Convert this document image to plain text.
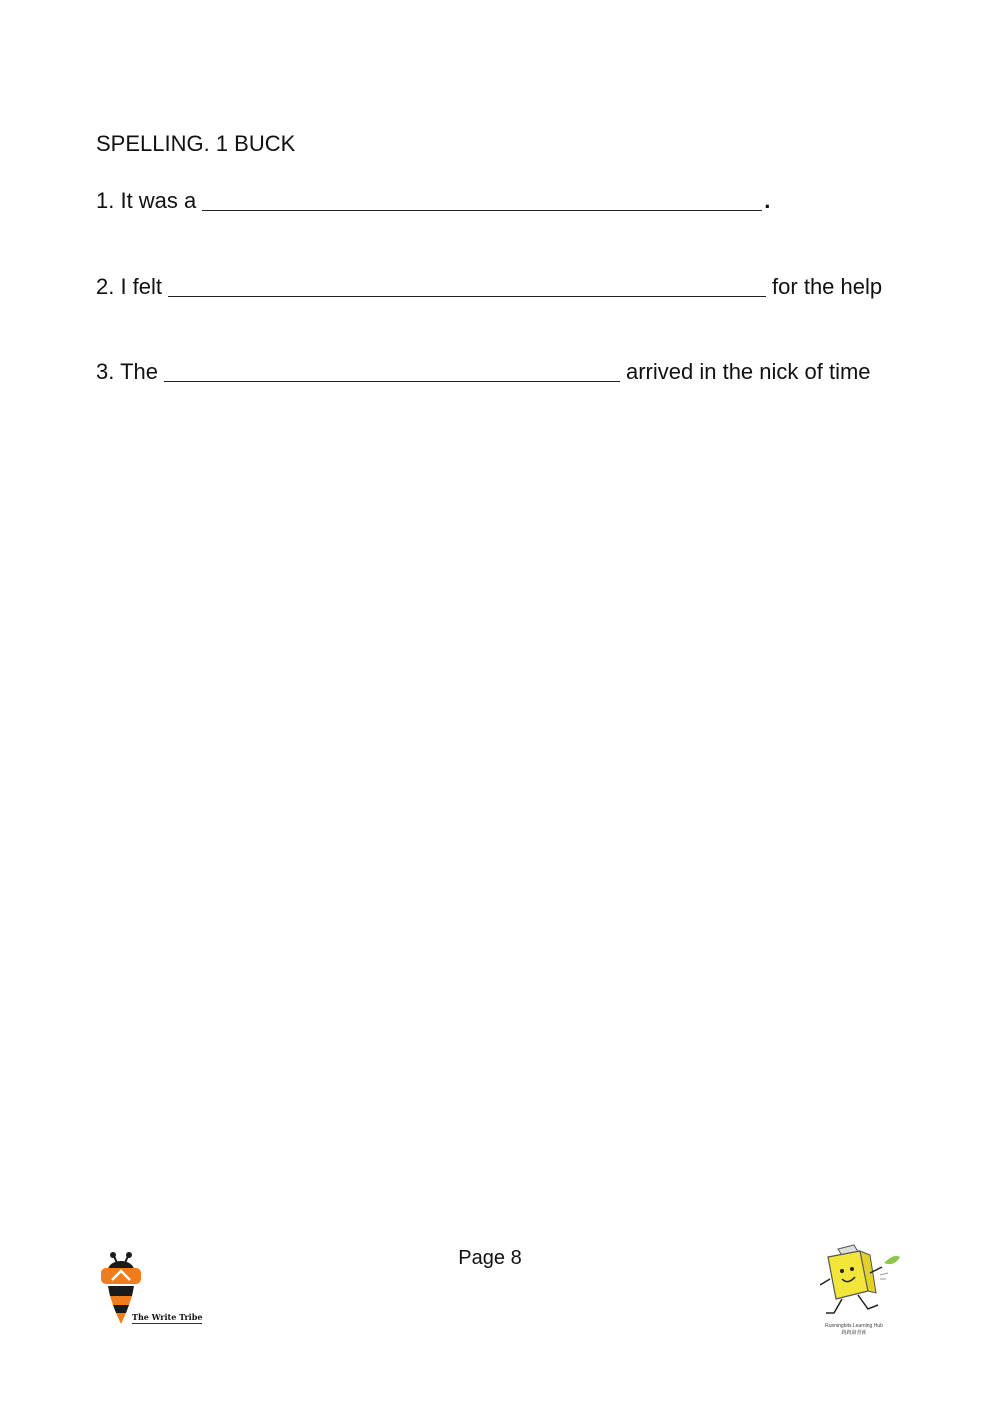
SPELLING. 1 BUCK
1. It was a	.
2. I felt	for the help
3. The	arrived in the nick of time
Page 8
The Write Tribe
Runningbits Learning Hub
跑跑讀書匯
